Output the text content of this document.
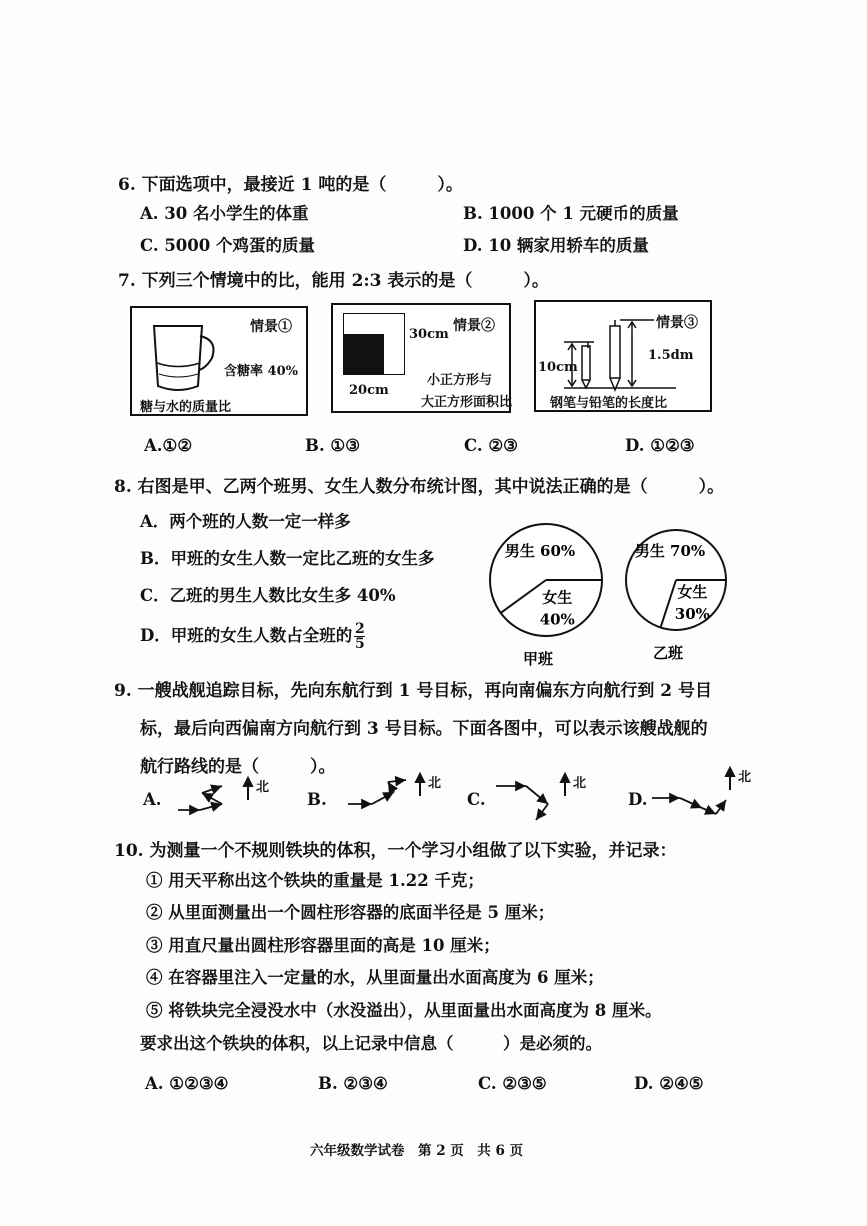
6. 下面选项中，最接近 1 吨的是（　　　）。
A. 30 名小学生的体重	B. 1000 个 1 元硬币的质量
C. 5000 个鸡蛋的质量	D. 10 辆家用轿车的质量
7. 下列三个情境中的比，能用 2:3 表示的是（　　　）。
情景①
含糖率 40%
糖与水的质量比
30cm
情景②
20cm
小正方形与
大正方形面积比
10cm
情景③
1.5dm
钢笔与铅笔的长度比
A.①②	B. ①③	C. ②③	D. ①②③
8. 右图是甲、乙两个班男、女生人数分布统计图，其中说法正确的是（　　　）。
A．两个班的人数一定一样多
B．甲班的女生人数一定比乙班的女生多
C．乙班的男生人数比女生多 40%
D．甲班的女生人数占全班的 $\frac{2}{5}$
男生 60%
女生
40%
甲班
男生 70%
女生
30%
乙班
9. 一艘战舰追踪目标，先向东航行到 1 号目标，再向南偏东方向航行到 2 号目
标，最后向西偏南方向航行到 3 号目标。下面各图中，可以表示该艘战舰的
航行路线的是（　　　）。
A.	B.	C.	D.
北	北	北	北
10. 为测量一个不规则铁块的体积，一个学习小组做了以下实验，并记录：
① 用天平称出这个铁块的重量是 1.22 千克；
② 从里面测量出一个圆柱形容器的底面半径是 5 厘米；
③ 用直尺量出圆柱形容器里面的高是 10 厘米；
④ 在容器里注入一定量的水，从里面量出水面高度为 6 厘米；
⑤ 将铁块完全浸没水中（水没溢出），从里面量出水面高度为 8 厘米。
要求出这个铁块的体积，以上记录中信息（　　　）是必须的。
A. ①②③④	B. ②③④	C. ②③⑤	D. ②④⑤
六年级数学试卷　第 2 页　共 6 页
